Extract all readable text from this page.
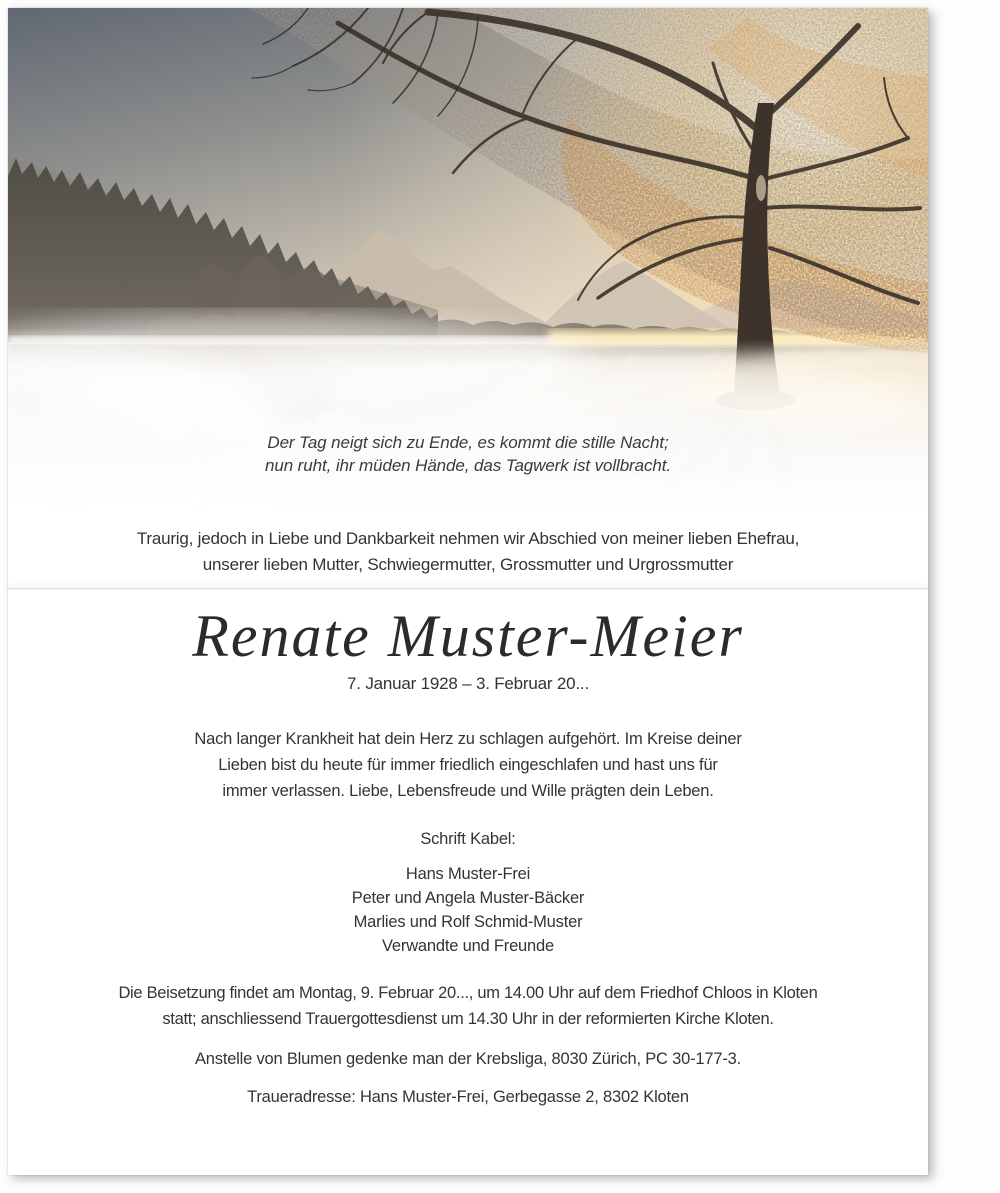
Der Tag neigt sich zu Ende, es kommt die stille Nacht;
nun ruht, ihr müden Hände, das Tagwerk ist vollbracht.
Traurig, jedoch in Liebe und Dankbarkeit nehmen wir Abschied von meiner lieben Ehefrau,
unserer lieben Mutter, Schwiegermutter, Grossmutter und Urgrossmutter
Renate Muster-Meier
7. Januar 1928 – 3. Februar 20...
Nach langer Krankheit hat dein Herz zu schlagen aufgehört. Im Kreise deiner
Lieben bist du heute für immer friedlich eingeschlafen und hast uns für
immer verlassen. Liebe, Lebensfreude und Wille prägten dein Leben.
Schrift Kabel:
Hans Muster-Frei
Peter und Angela Muster-Bäcker
Marlies und Rolf Schmid-Muster
Verwandte und Freunde
Die Beisetzung findet am Montag, 9. Februar 20..., um 14.00 Uhr auf dem Friedhof Chloos in Kloten
statt; anschliessend Trauergottesdienst um 14.30 Uhr in der reformierten Kirche Kloten.
Anstelle von Blumen gedenke man der Krebsliga, 8030 Zürich, PC 30-177-3.
Traueradresse: Hans Muster-Frei, Gerbegasse 2, 8302 Kloten
